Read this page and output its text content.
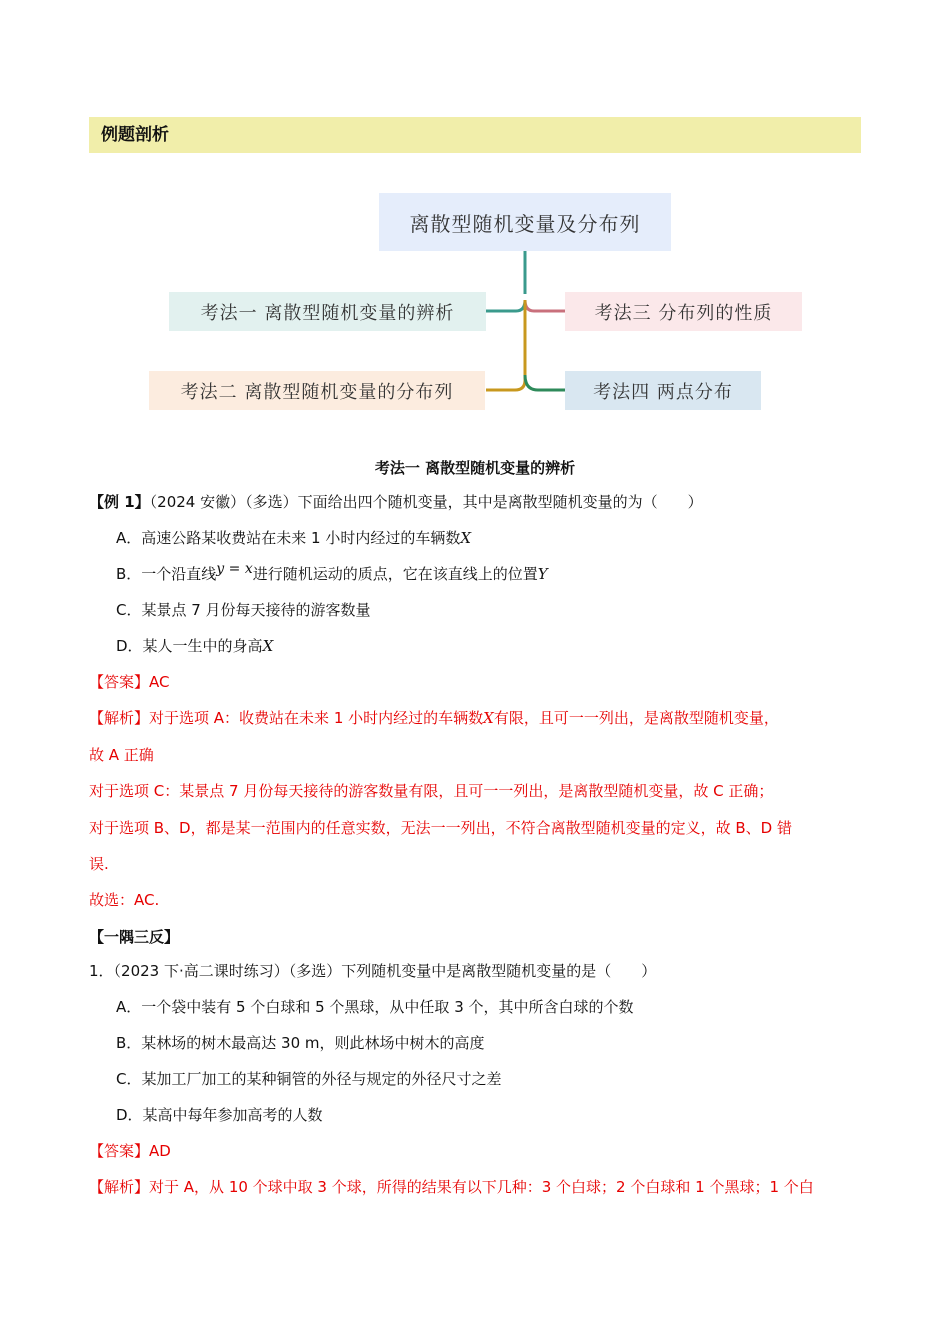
例题剖析
离散型随机变量及分布列
考法一 离散型随机变量的辨析	考法三 分布列的性质
考法二 离散型随机变量的分布列	考法四 两点分布
考法一 离散型随机变量的辨析
【例 1】（2024 安徽）（多选）下面给出四个随机变量，其中是离散型随机变量的为（　　）
A．高速公路某收费站在未来 1 小时内经过的车辆数X
B．一个沿直线y = x进行随机运动的质点，它在该直线上的位置Y
C．某景点 7 月份每天接待的游客数量
D．某人一生中的身高X
【答案】AC
【解析】对于选项 A：收费站在未来 1 小时内经过的车辆数X有限，且可一一列出，是离散型随机变量，
故 A 正确
对于选项 C：某景点 7 月份每天接待的游客数量有限，且可一一列出，是离散型随机变量，故 C 正确；
对于选项 B、D，都是某一范围内的任意实数，无法一一列出，不符合离散型随机变量的定义，故 B、D 错
误.
故选：AC.
【一隅三反】
1．（2023 下·高二课时练习）（多选）下列随机变量中是离散型随机变量的是（　　）
A．一个袋中装有 5 个白球和 5 个黑球，从中任取 3 个，其中所含白球的个数
B．某林场的树木最高达 30 m，则此林场中树木的高度
C．某加工厂加工的某种铜管的外径与规定的外径尺寸之差
D．某高中每年参加高考的人数
【答案】AD
【解析】对于 A，从 10 个球中取 3 个球，所得的结果有以下几种：3 个白球；2 个白球和 1 个黑球；1 个白
